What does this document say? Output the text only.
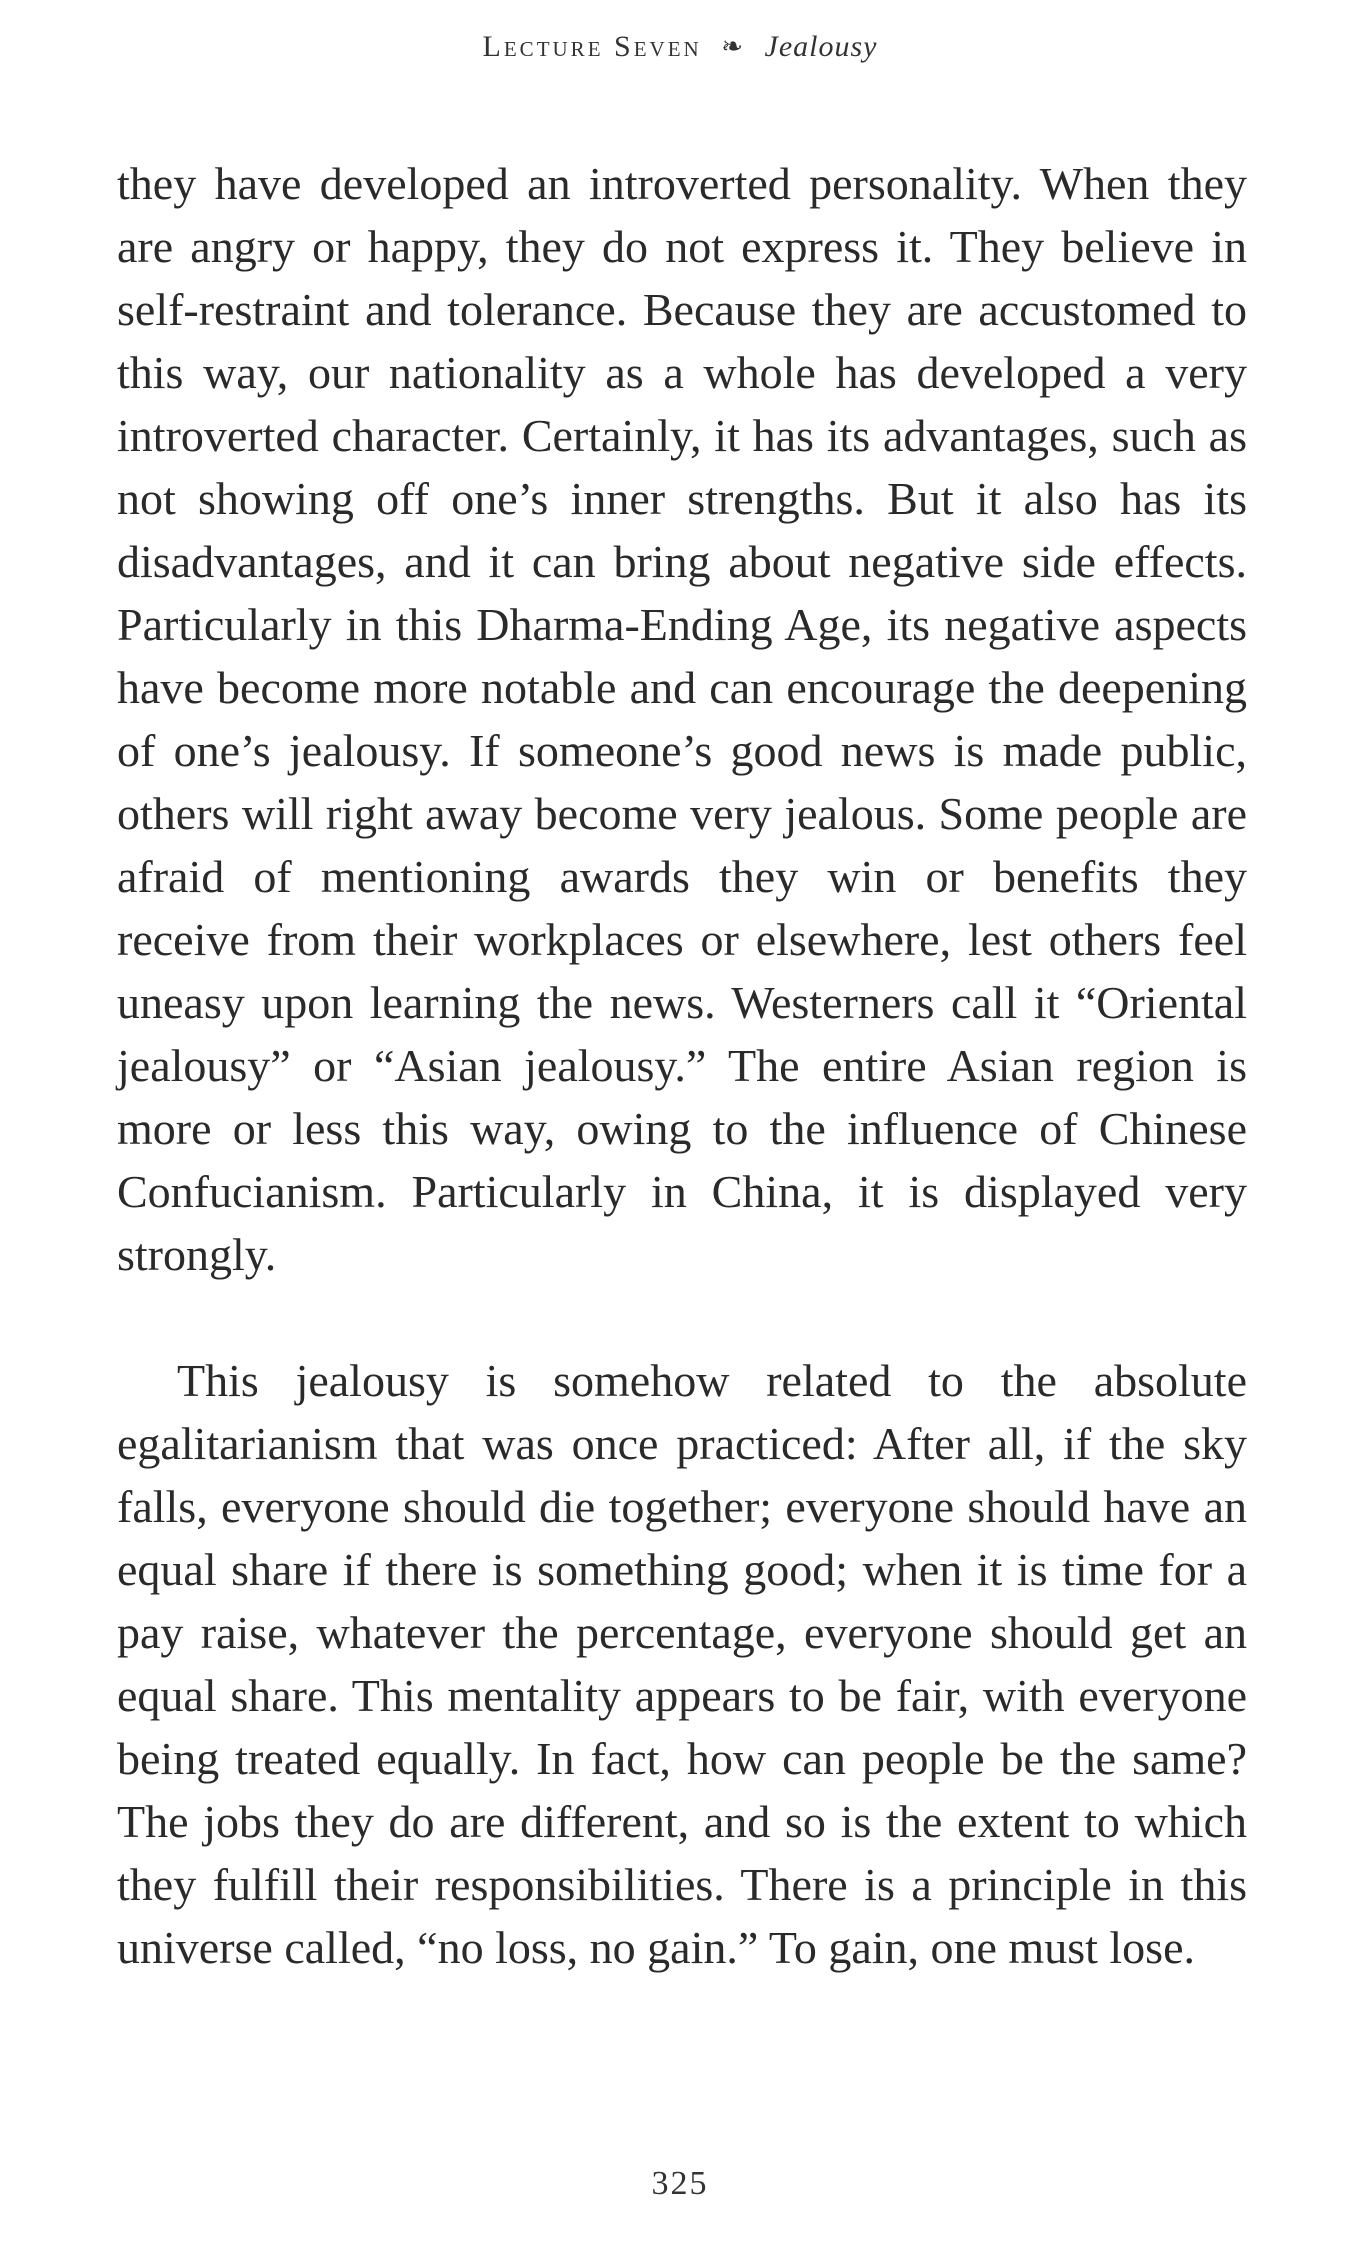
Lecture Seven ❧ Jealousy

they have developed an introverted personality. When they are angry or happy, they do not express it. They believe in self-restraint and tolerance. Because they are accustomed to this way, our nationality as a whole has developed a very introverted character. Certainly, it has its advantages, such as not showing off one’s inner strengths. But it also has its disadvantages, and it can bring about negative side effects. Particularly in this Dharma-Ending Age, its negative aspects have become more notable and can encourage the deepening of one’s jealousy. If someone’s good news is made public, others will right away become very jealous. Some people are afraid of mentioning awards they win or benefits they receive from their workplaces or elsewhere, lest others feel uneasy upon learning the news. Westerners call it “Oriental jealousy” or “Asian jealousy.” The entire Asian region is more or less this way, owing to the influence of Chinese Confucianism. Particularly in China, it is displayed very strongly.

This jealousy is somehow related to the absolute egalitarianism that was once practiced: After all, if the sky falls, everyone should die together; everyone should have an equal share if there is something good; when it is time for a pay raise, whatever the percentage, everyone should get an equal share. This mentality appears to be fair, with everyone being treated equally. In fact, how can people be the same? The jobs they do are different, and so is the extent to which they fulfill their responsibilities. There is a principle in this universe called, “no loss, no gain.” To gain, one must lose.

325
